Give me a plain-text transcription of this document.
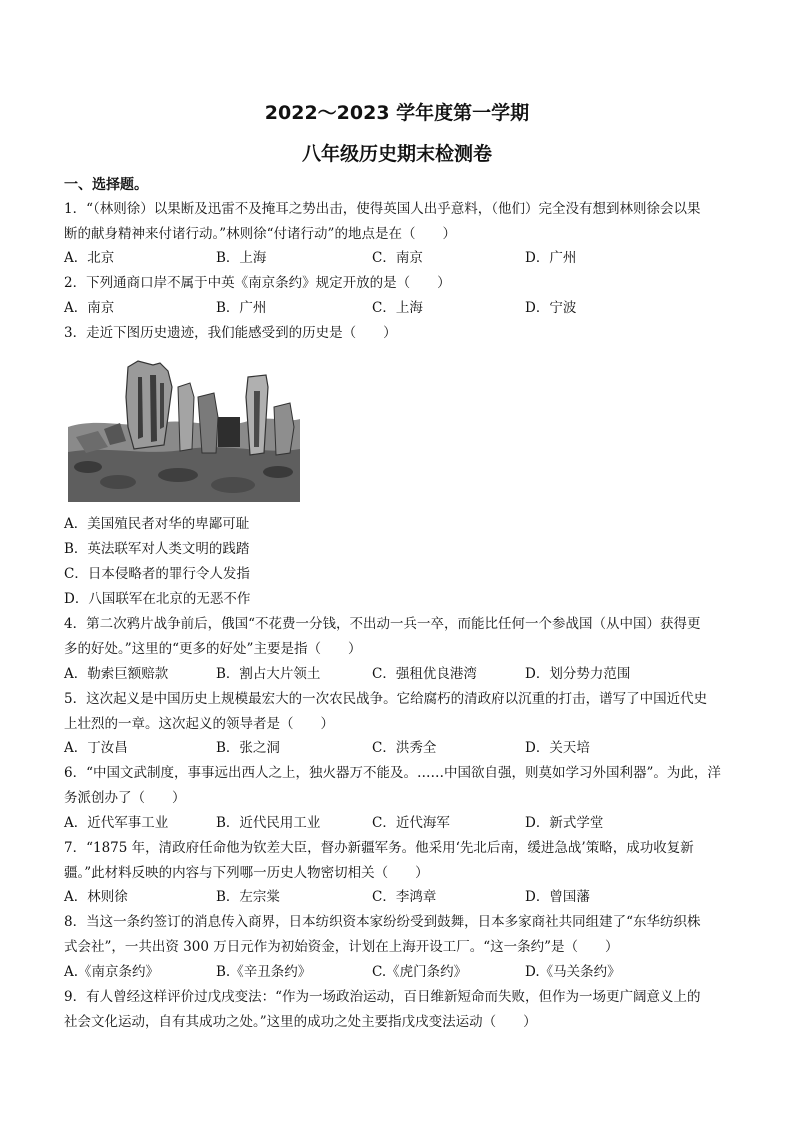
2022～2023 学年度第一学期
八年级历史期末检测卷
一、选择题。
1．“（林则徐）以果断及迅雷不及掩耳之势出击，使得英国人出乎意料，（他们）完全没有想到林则徐会以果
断的献身精神来付诸行动。”林则徐“付诸行动”的地点是在（　　）
A．北京	B．上海	C．南京	D．广州
2．下列通商口岸不属于中英《南京条约》规定开放的是（　　）
A．南京	B．广州	C．上海	D．宁波
3．走近下图历史遗迹，我们能感受到的历史是（　　）
A．美国殖民者对华的卑鄙可耻
B．英法联军对人类文明的践踏
C．日本侵略者的罪行令人发指
D．八国联军在北京的无恶不作
4．第二次鸦片战争前后，俄国“不花费一分钱，不出动一兵一卒，而能比任何一个参战国（从中国）获得更
多的好处。”这里的“更多的好处”主要是指（　　）
A．勒索巨额赔款	B．割占大片领土	C．强租优良港湾	D．划分势力范围
5．这次起义是中国历史上规模最宏大的一次农民战争。它给腐朽的清政府以沉重的打击，谱写了中国近代史
上壮烈的一章。这次起义的领导者是（　　）
A．丁汝昌	B．张之洞	C．洪秀全	D．关天培
6．“中国文武制度，事事远出西人之上，独火器万不能及。……中国欲自强，则莫如学习外国利器”。为此，洋
务派创办了（　　）
A．近代军事工业	B．近代民用工业	C．近代海军	D．新式学堂
7．“1875 年，清政府任命他为钦差大臣，督办新疆军务。他采用‘先北后南，缓进急战’策略，成功收复新
疆。”此材料反映的内容与下列哪一历史人物密切相关（　　）
A．林则徐	B．左宗棠	C．李鸿章	D．曾国藩
8．当这一条约签订的消息传入商界，日本纺织资本家纷纷受到鼓舞，日本多家商社共同组建了“东华纺织株
式会社”，一共出资 300 万日元作为初始资金，计划在上海开设工厂。“这一条约”是（　　）
A.《南京条约》	B.《辛丑条约》	C.《虎门条约》	D.《马关条约》
9．有人曾经这样评价过戊戌变法：“作为一场政治运动，百日维新短命而失败，但作为一场更广阔意义上的
社会文化运动，自有其成功之处。”这里的成功之处主要指戊戌变法运动（　　）
